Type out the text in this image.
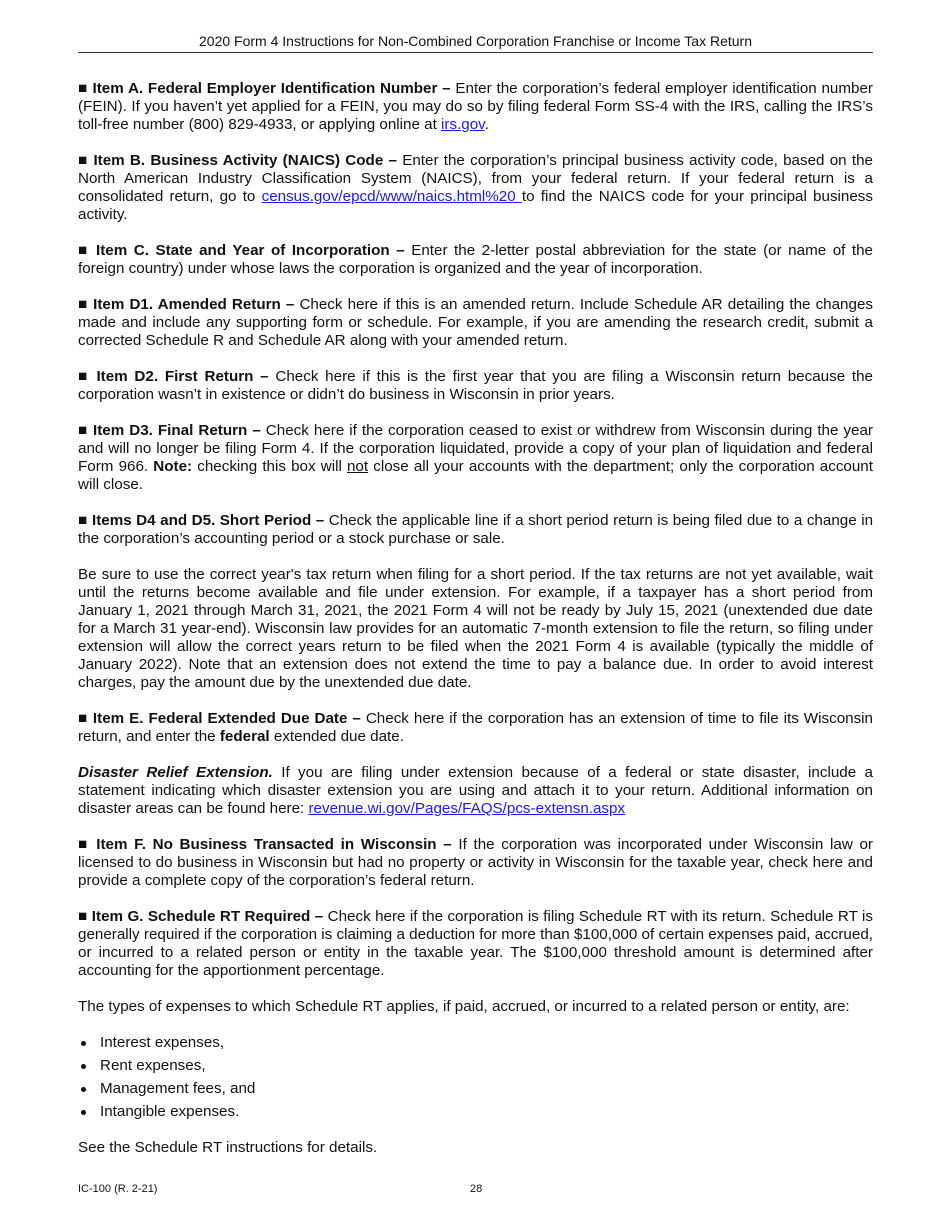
2020 Form 4 Instructions for Non-Combined Corporation Franchise or Income Tax Return

■ Item A. Federal Employer Identification Number – Enter the corporation’s federal employer identification number (FEIN). If you haven’t yet applied for a FEIN, you may do so by filing federal Form SS-4 with the IRS, calling the IRS’s toll-free number (800) 829-4933, or applying online at irs.gov.

■ Item B. Business Activity (NAICS) Code – Enter the corporation’s principal business activity code, based on the North American Industry Classification System (NAICS), from your federal return. If your federal return is a consolidated return, go to census.gov/epcd/www/naics.html%20 to find the NAICS code for your principal business activity.

■ Item C. State and Year of Incorporation – Enter the 2-letter postal abbreviation for the state (or name of the foreign country) under whose laws the corporation is organized and the year of incorporation.

■ Item D1. Amended Return – Check here if this is an amended return. Include Schedule AR detailing the changes made and include any supporting form or schedule. For example, if you are amending the research credit, submit a corrected Schedule R and Schedule AR along with your amended return.

■ Item D2. First Return – Check here if this is the first year that you are filing a Wisconsin return because the corporation wasn’t in existence or didn’t do business in Wisconsin in prior years.

■ Item D3. Final Return – Check here if the corporation ceased to exist or withdrew from Wisconsin during the year and will no longer be filing Form 4. If the corporation liquidated, provide a copy of your plan of liquidation and federal Form 966. Note: checking this box will not close all your accounts with the department; only the corporation account will close.

■ Items D4 and D5. Short Period – Check the applicable line if a short period return is being filed due to a change in the corporation’s accounting period or a stock purchase or sale.

Be sure to use the correct year's tax return when filing for a short period. If the tax returns are not yet available, wait until the returns become available and file under extension. For example, if a taxpayer has a short period from January 1, 2021 through March 31, 2021, the 2021 Form 4 will not be ready by July 15, 2021 (unextended due date for a March 31 year-end). Wisconsin law provides for an automatic 7-month extension to file the return, so filing under extension will allow the correct years return to be filed when the 2021 Form 4 is available (typically the middle of January 2022). Note that an extension does not extend the time to pay a balance due. In order to avoid interest charges, pay the amount due by the unextended due date.

■ Item E. Federal Extended Due Date – Check here if the corporation has an extension of time to file its Wisconsin return, and enter the federal extended due date.

Disaster Relief Extension. If you are filing under extension because of a federal or state disaster, include a statement indicating which disaster extension you are using and attach it to your return. Additional information on disaster areas can be found here: revenue.wi.gov/Pages/FAQS/pcs-extensn.aspx

■ Item F. No Business Transacted in Wisconsin – If the corporation was incorporated under Wisconsin law or licensed to do business in Wisconsin but had no property or activity in Wisconsin for the taxable year, check here and provide a complete copy of the corporation’s federal return.

■ Item G. Schedule RT Required – Check here if the corporation is filing Schedule RT with its return. Schedule RT is generally required if the corporation is claiming a deduction for more than $100,000 of certain expenses paid, accrued, or incurred to a related person or entity in the taxable year. The $100,000 threshold amount is determined after accounting for the apportionment percentage.

The types of expenses to which Schedule RT applies, if paid, accrued, or incurred to a related person or entity, are:

Interest expenses,
Rent expenses,
Management fees, and
Intangible expenses.

See the Schedule RT instructions for details.

IC-100 (R. 2-21)	28
